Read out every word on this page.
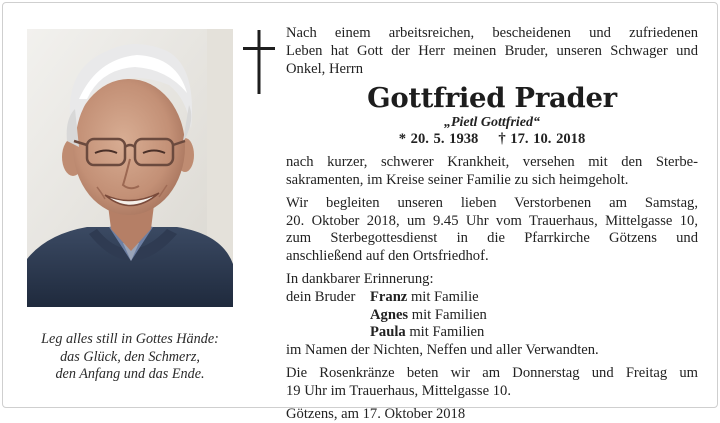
Leg alles still in Gottes Hände:
das Glück, den Schmerz,
den Anfang und das Ende.
Nach einem arbeitsreichen, bescheidenen und zufriedenen
Leben hat Gott der Herr meinen Bruder, unseren Schwager und
Onkel, Herrn
Gottfried Prader
„Pietl Gottfried“
* 20. 5. 1938 † 17. 10. 2018
nach kurzer, schwerer Krankheit, versehen mit den Sterbe-
sakramenten, im Kreise seiner Familie zu sich heimgeholt.
Wir begleiten unseren lieben Verstorbenen am Samstag,
20. Oktober 2018, um 9.45 Uhr vom Trauerhaus, Mittelgasse 10,
zum Sterbegottesdienst in die Pfarrkirche Götzens und
anschließend auf den Ortsfriedhof.
In dankbarer Erinnerung:
dein Bruder	Franz mit Familie
Agnes mit Familien
Paula mit Familien
im Namen der Nichten, Neffen und aller Verwandten.
Die Rosenkränze beten wir am Donnerstag und Freitag um
19 Uhr im Trauerhaus, Mittelgasse 10.
Götzens, am 17. Oktober 2018
